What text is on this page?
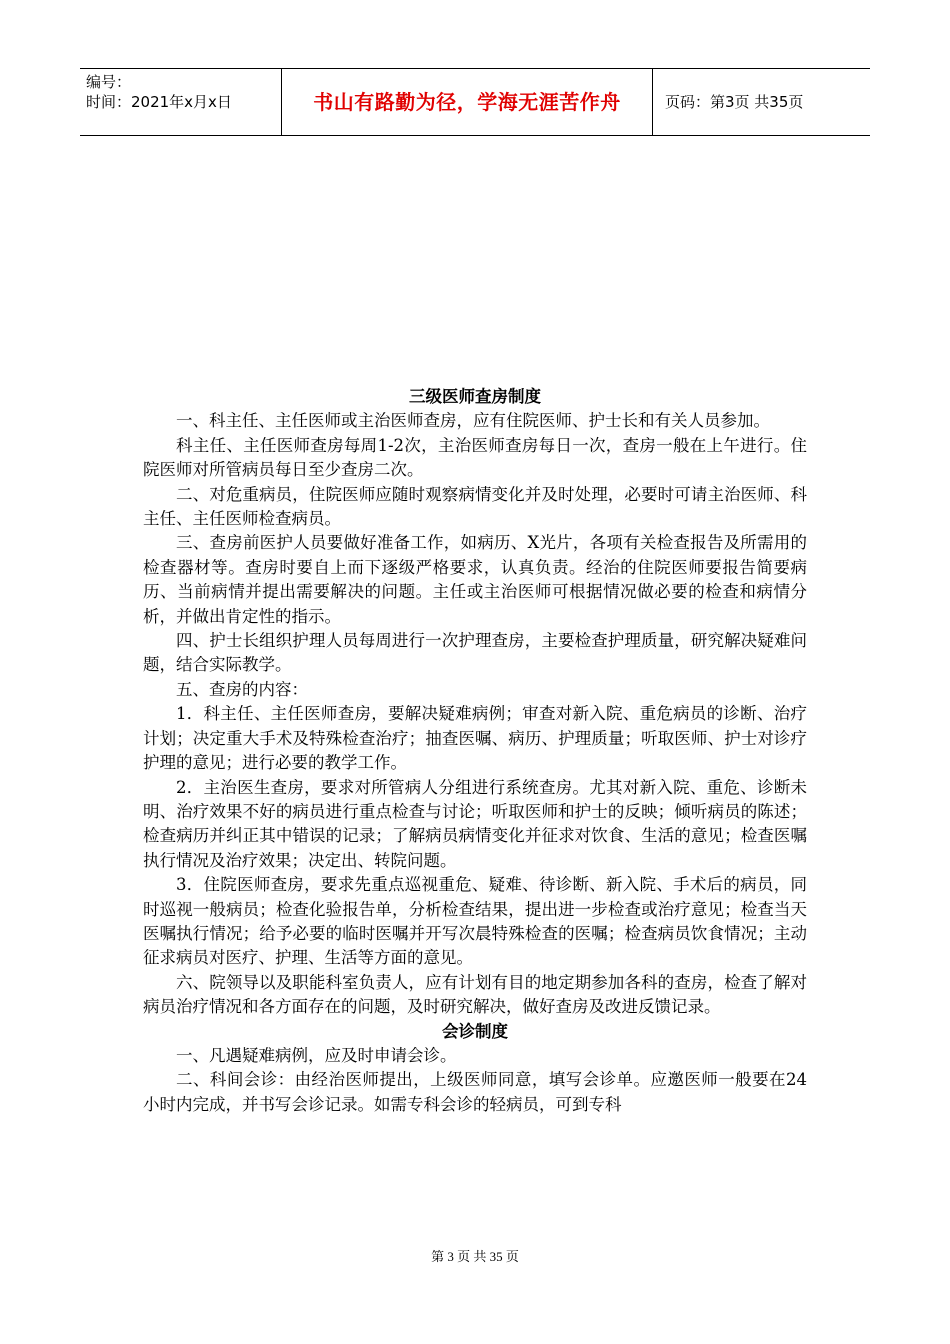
编号：
时间：2021年x月x日	书山有路勤为径，学海无涯苦作舟	页码：第3页 共35页
三级医师查房制度

一、科主任、主任医师或主治医师查房，应有住院医师、护士长和有关人员参加。

科主任、主任医师查房每周1-2次，主治医师查房每日一次，查房一般在上午进行。住院医师对所管病员每日至少查房二次。

二、对危重病员，住院医师应随时观察病情变化并及时处理，必要时可请主治医师、科主任、主任医师检查病员。

三、查房前医护人员要做好准备工作，如病历、X光片，各项有关检查报告及所需用的检查器材等。查房时要自上而下逐级严格要求，认真负责。经治的住院医师要报告简要病历、当前病情并提出需要解决的问题。主任或主治医师可根据情况做必要的检查和病情分析，并做出肯定性的指示。

四、护士长组织护理人员每周进行一次护理查房，主要检查护理质量，研究解决疑难问题，结合实际教学。

五、查房的内容：

1．科主任、主任医师查房，要解决疑难病例；审查对新入院、重危病员的诊断、治疗计划；决定重大手术及特殊检查治疗；抽查医嘱、病历、护理质量；听取医师、护士对诊疗护理的意见；进行必要的教学工作。

2．主治医生查房，要求对所管病人分组进行系统查房。尤其对新入院、重危、诊断未明、治疗效果不好的病员进行重点检查与讨论；听取医师和护士的反映；倾听病员的陈述；检查病历并纠正其中错误的记录；了解病员病情变化并征求对饮食、生活的意见；检查医嘱执行情况及治疗效果；决定出、转院问题。

3．住院医师查房，要求先重点巡视重危、疑难、待诊断、新入院、手术后的病员，同时巡视一般病员；检查化验报告单，分析检查结果，提出进一步检查或治疗意见；检查当天医嘱执行情况；给予必要的临时医嘱并开写次晨特殊检查的医嘱；检查病员饮食情况；主动征求病员对医疗、护理、生活等方面的意见。

六、院领导以及职能科室负责人，应有计划有目的地定期参加各科的查房，检查了解对病员治疗情况和各方面存在的问题，及时研究解决，做好查房及改进反馈记录。

会诊制度

一、凡遇疑难病例，应及时申请会诊。

二、科间会诊：由经治医师提出，上级医师同意，填写会诊单。应邀医师一般要在24小时内完成，并书写会诊记录。如需专科会诊的轻病员，可到专科

第 3 页 共 35 页
